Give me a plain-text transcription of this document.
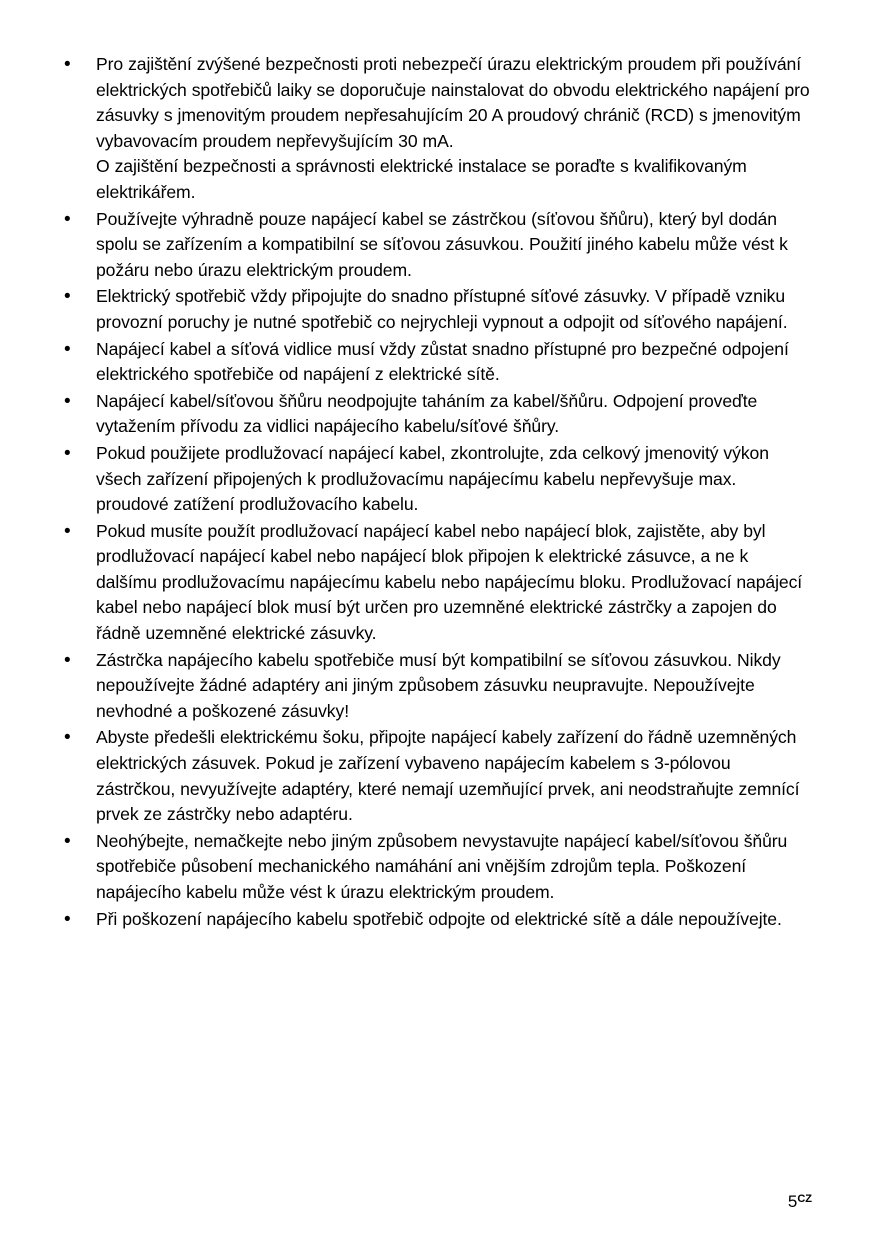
• Pro zajištění zvýšené bezpečnosti proti nebezpečí úrazu elektrickým proudem při používání elektrických spotřebičů laiky se doporučuje nainstalovat do obvodu elektrického napájení pro zásuvky s jmenovitým proudem nepřesahujícím 20 A proudový chránič (RCD) s jmenovitým vybavovacím proudem nepřevyšujícím 30 mA.
O zajištění bezpečnosti a správnosti elektrické instalace se poraďte s kvalifikovaným elektrikářem.
• Používejte výhradně pouze napájecí kabel se zástrčkou (síťovou šňůru), který byl dodán spolu se zařízením a kompatibilní se síťovou zásuvkou. Použití jiného kabelu může vést k požáru nebo úrazu elektrickým proudem.
• Elektrický spotřebič vždy připojujte do snadno přístupné síťové zásuvky. V případě vzniku provozní poruchy je nutné spotřebič co nejrychleji vypnout a odpojit od síťového napájení.
• Napájecí kabel a síťová vidlice musí vždy zůstat snadno přístupné pro bezpečné odpojení elektrického spotřebiče od napájení z elektrické sítě.
• Napájecí kabel/síťovou šňůru neodpojujte taháním za kabel/šňůru. Odpojení proveďte vytažením přívodu za vidlici napájecího kabelu/síťové šňůry.
• Pokud použijete prodlužovací napájecí kabel, zkontrolujte, zda celkový jmenovitý výkon všech zařízení připojených k prodlužovacímu napájecímu kabelu nepřevyšuje max. proudové zatížení prodlužovacího kabelu.
• Pokud musíte použít prodlužovací napájecí kabel nebo napájecí blok, zajistěte, aby byl prodlužovací napájecí kabel nebo napájecí blok připojen k elektrické zásuvce, a ne k dalšímu prodlužovacímu napájecímu kabelu nebo napájecímu bloku. Prodlužovací napájecí kabel nebo napájecí blok musí být určen pro uzemněné elektrické zástrčky a zapojen do řádně uzemněné elektrické zásuvky.
• Zástrčka napájecího kabelu spotřebiče musí být kompatibilní se síťovou zásuvkou. Nikdy nepoužívejte žádné adaptéry ani jiným způsobem zásuvku neupravujte. Nepoužívejte nevhodné a poškozené zásuvky!
• Abyste předešli elektrickému šoku, připojte napájecí kabely zařízení do řádně uzemněných elektrických zásuvek. Pokud je zařízení vybaveno napájecím kabelem s 3-pólovou zástrčkou, nevyužívejte adaptéry, které nemají uzemňující prvek, ani neodstraňujte zemnící prvek ze zástrčky nebo adaptéru.
• Neohýbejte, nemačkejte nebo jiným způsobem nevystavujte napájecí kabel/síťovou šňůru spotřebiče působení mechanického namáhání ani vnějším zdrojům tepla. Poškození napájecího kabelu může vést k úrazu elektrickým proudem.
• Při poškození napájecího kabelu spotřebič odpojte od elektrické sítě a dále nepoužívejte.
5 CZ
